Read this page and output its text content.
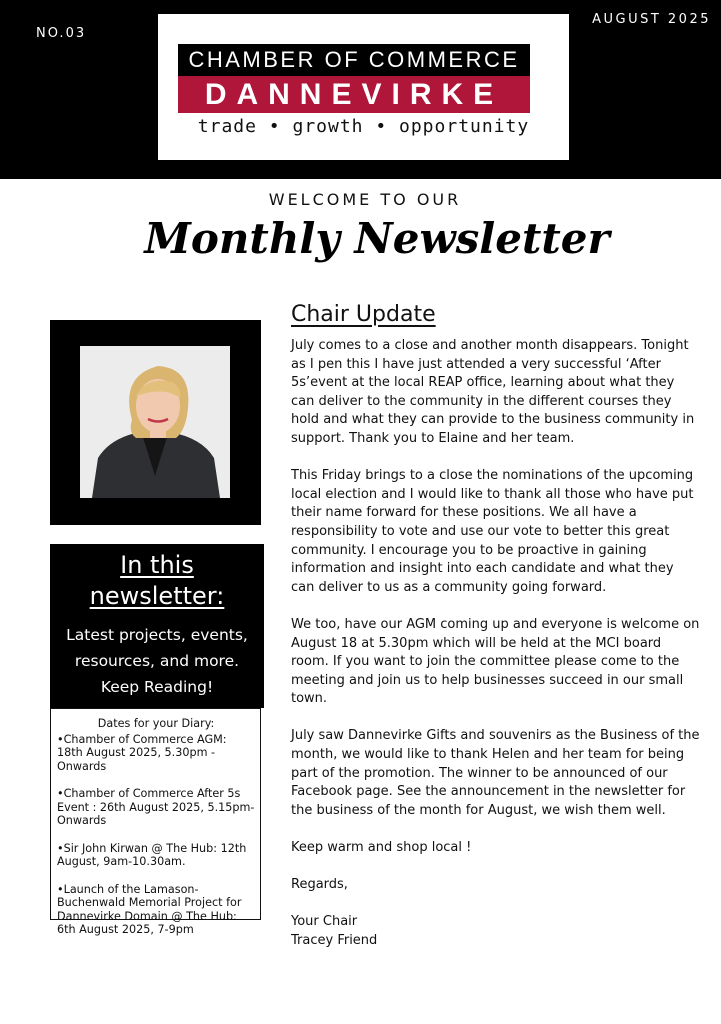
NO.03
CHAMBER OF COMMERCE
DANNEVIRKE
trade • growth • opportunity
AUGUST 2025
WELCOME TO OUR
Monthly Newsletter
In this
newsletter:
Latest projects, events,
resources, and more.
Keep Reading!
Dates for your Diary:
•Chamber of Commerce AGM: 18th August 2025, 5.30pm - Onwards
•Chamber of Commerce After 5s Event : 26th August 2025, 5.15pm-Onwards
•Sir John Kirwan @ The Hub: 12th August, 9am-10.30am.
•Launch of the Lamason-Buchenwald Memorial Project for Dannevirke Domain @ The Hub: 6th August 2025, 7-9pm
Chair Update

July comes to a close and another month disappears. Tonight as I pen this I have just attended a very successful ‘After 5s’event at the local REAP office, learning about what they can deliver to the community in the different courses they hold and what they can provide to the business community in support. Thank you to Elaine and her team.

This Friday brings to a close the nominations of the upcoming local election and I would like to thank all those who have put their name forward for these positions. We all have a responsibility to vote and use our vote to better this great community. I encourage you to be proactive in gaining information and insight into each candidate and what they can deliver to us as a community going forward.

We too, have our AGM coming up and everyone is welcome on August 18 at 5.30pm which will be held at the MCI board room. If you want to join the committee please come to the meeting and join us to help businesses succeed in our small town.

July saw Dannevirke Gifts and souvenirs as the Business of the month, we would like to thank Helen and her team for being part of the promotion. The winner to be announced of our Facebook page. See the announcement in the newsletter for the business of the month for August, we wish them well.

Keep warm and shop local !

Regards,

Your Chair
Tracey Friend
